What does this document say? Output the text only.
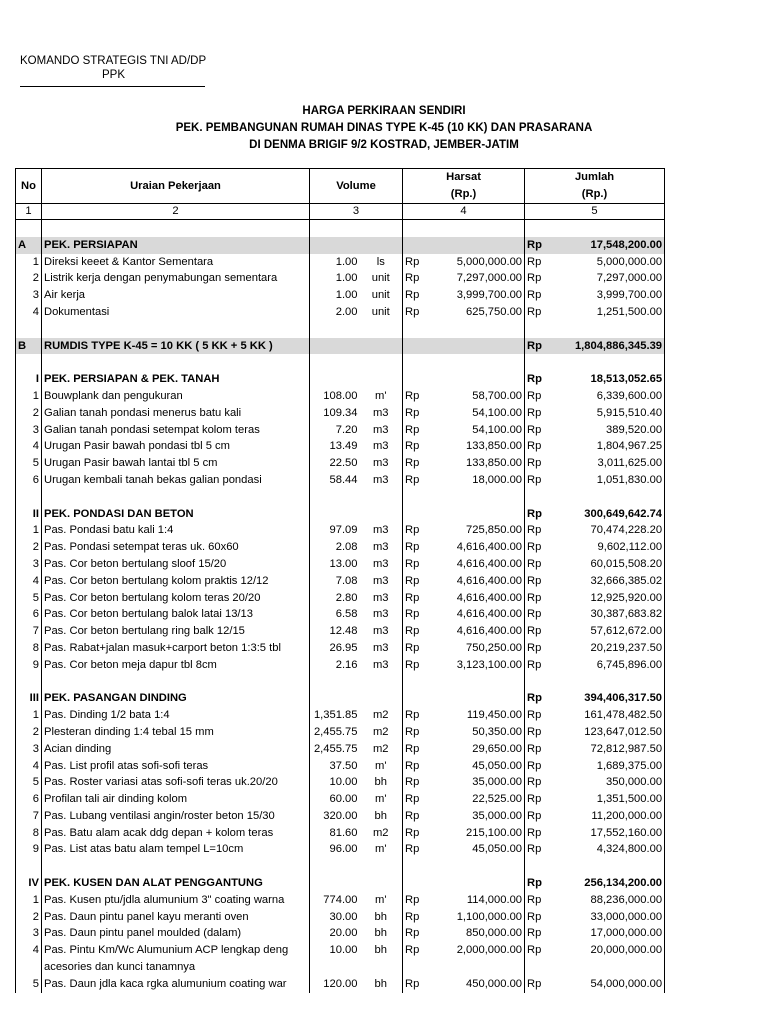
KOMANDO STRATEGIS TNI AD/DP
PPK
HARGA PERKIRAAN SENDIRI
PEK. PEMBANGUNAN RUMAH DINAS TYPE K-45 (10 KK) DAN PRASARANA
DI DENMA BRIGIF 9/2 KOSTRAD, JEMBER-JATIM
No	Uraian Pekerjaan	Volume		Harsat		Jumlah	
				(Rp.)		(Rp.)	
1	2	3		4		5	

A	PEK. PERSIAPAN					Rp	17,548,200.00
1	Direksi keeet & Kantor Sementara	1.00	ls	Rp	5,000,000.00	Rp	5,000,000.00
2	Listrik kerja dengan penymabungan sementara	1.00	unit	Rp	7,297,000.00	Rp	7,297,000.00
3	Air kerja	1.00	unit	Rp	3,999,700.00	Rp	3,999,700.00
4	Dokumentasi	2.00	unit	Rp	625,750.00	Rp	1,251,500.00

B	RUMDIS TYPE K-45 = 10 KK ( 5 KK + 5 KK )					Rp	1,804,886,345.39

I	PEK. PERSIAPAN & PEK. TANAH					Rp	18,513,052.65
1	Bouwplank dan pengukuran	108.00	m'	Rp	58,700.00	Rp	6,339,600.00
2	Galian tanah pondasi menerus batu kali	109.34	m3	Rp	54,100.00	Rp	5,915,510.40
3	Galian tanah pondasi setempat kolom teras	7.20	m3	Rp	54,100.00	Rp	389,520.00
4	Urugan Pasir bawah pondasi tbl 5 cm	13.49	m3	Rp	133,850.00	Rp	1,804,967.25
5	Urugan Pasir bawah lantai tbl 5 cm	22.50	m3	Rp	133,850.00	Rp	3,011,625.00
6	Urugan kembali tanah bekas galian pondasi	58.44	m3	Rp	18,000.00	Rp	1,051,830.00

II	PEK. PONDASI DAN BETON					Rp	300,649,642.74
1	Pas. Pondasi batu kali 1:4	97.09	m3	Rp	725,850.00	Rp	70,474,228.20
2	Pas. Pondasi setempat teras uk. 60x60	2.08	m3	Rp	4,616,400.00	Rp	9,602,112.00
3	Pas. Cor beton bertulang sloof 15/20	13.00	m3	Rp	4,616,400.00	Rp	60,015,508.20
4	Pas. Cor beton bertulang kolom praktis 12/12	7.08	m3	Rp	4,616,400.00	Rp	32,666,385.02
5	Pas. Cor beton bertulang kolom teras 20/20	2.80	m3	Rp	4,616,400.00	Rp	12,925,920.00
6	Pas. Cor beton bertulang balok latai 13/13	6.58	m3	Rp	4,616,400.00	Rp	30,387,683.82
7	Pas. Cor beton bertulang ring balk 12/15	12.48	m3	Rp	4,616,400.00	Rp	57,612,672.00
8	Pas. Rabat+jalan masuk+carport beton 1:3:5 tbl	26.95	m3	Rp	750,250.00	Rp	20,219,237.50
9	Pas. Cor beton meja dapur tbl 8cm	2.16	m3	Rp	3,123,100.00	Rp	6,745,896.00

III	PEK. PASANGAN DINDING					Rp	394,406,317.50
1	Pas. Dinding 1/2 bata 1:4	1,351.85	m2	Rp	119,450.00	Rp	161,478,482.50
2	Plesteran dinding 1:4 tebal 15 mm	2,455.75	m2	Rp	50,350.00	Rp	123,647,012.50
3	Acian dinding	2,455.75	m2	Rp	29,650.00	Rp	72,812,987.50
4	Pas. List profil atas sofi-sofi teras	37.50	m'	Rp	45,050.00	Rp	1,689,375.00
5	Pas. Roster variasi atas sofi-sofi teras uk.20/20	10.00	bh	Rp	35,000.00	Rp	350,000.00
6	Profilan tali air dinding kolom	60.00	m'	Rp	22,525.00	Rp	1,351,500.00
7	Pas. Lubang ventilasi angin/roster beton 15/30	320.00	bh	Rp	35,000.00	Rp	11,200,000.00
8	Pas. Batu alam acak ddg depan + kolom teras	81.60	m2	Rp	215,100.00	Rp	17,552,160.00
9	Pas. List atas batu alam tempel L=10cm	96.00	m'	Rp	45,050.00	Rp	4,324,800.00

IV	PEK. KUSEN DAN ALAT PENGGANTUNG					Rp	256,134,200.00
1	Pas. Kusen ptu/jdla alumunium 3" coating warna	774.00	m'	Rp	114,000.00	Rp	88,236,000.00
2	Pas. Daun pintu panel kayu meranti oven	30.00	bh	Rp	1,100,000.00	Rp	33,000,000.00
3	Pas. Daun pintu panel moulded (dalam)	20.00	bh	Rp	850,000.00	Rp	17,000,000.00
4	Pas. Pintu Km/Wc Alumunium ACP lengkap deng	10.00	bh	Rp	2,000,000.00	Rp	20,000,000.00
	acesories dan kunci tanamnya						
5	Pas. Daun jdla kaca rgka alumunium coating war	120.00	bh	Rp	450,000.00	Rp	54,000,000.00
